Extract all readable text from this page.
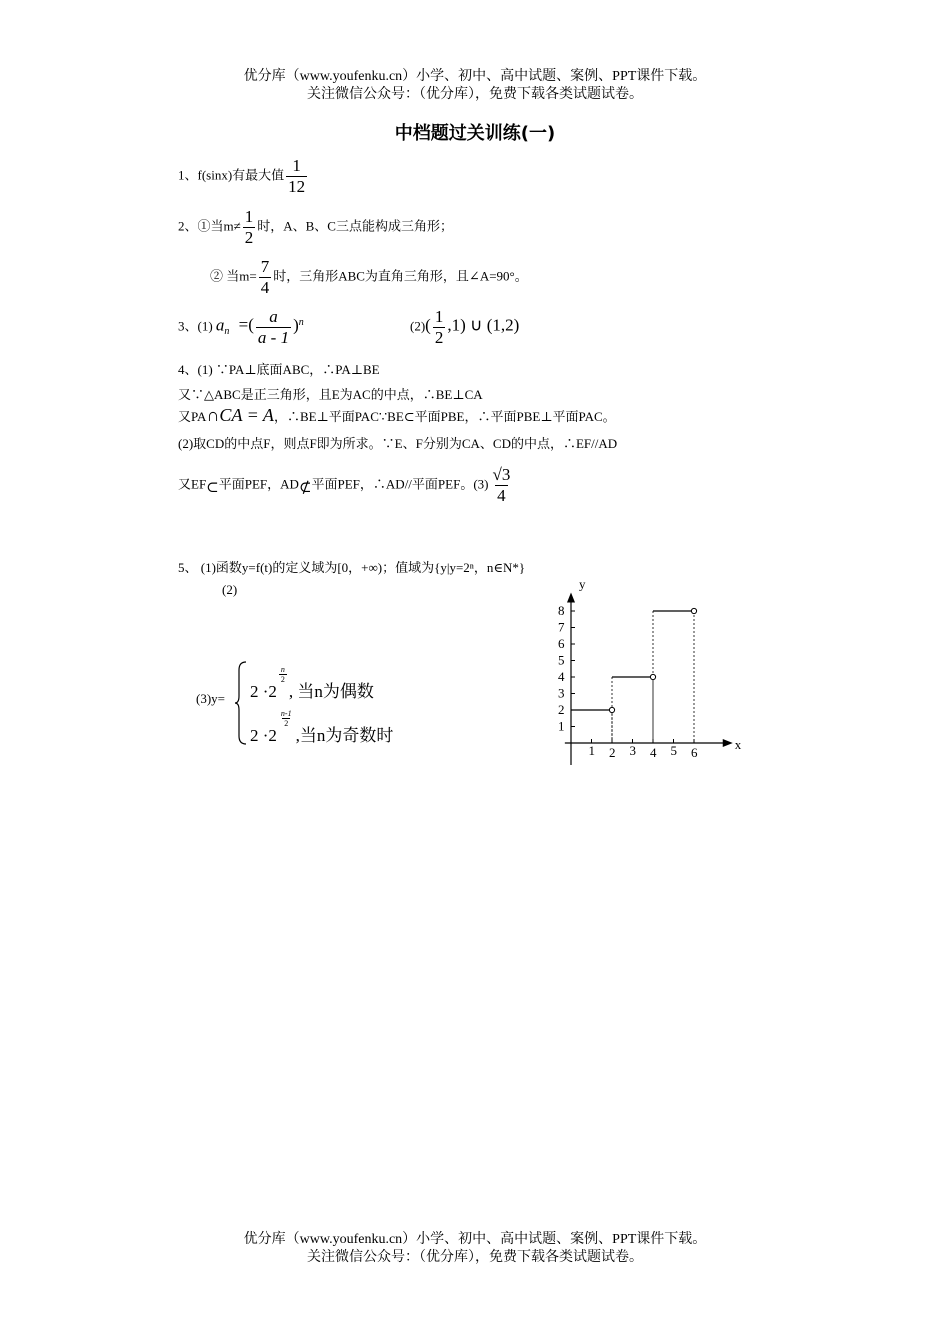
优分库（www.youfenku.cn）小学、初中、高中试题、案例、PPT课件下载。
关注微信公众号：（优分库），免费下载各类试题试卷。
中档题过关训练(一)
1、f(sinx)有最大值 $\frac{1}{12}$
2、①当$m\ne \frac{1}{2}$ 时，A、B、C三点能构成三角形；
② 当$m= \frac{7}{4}$ 时，三角形ABC为直角三角形，且∠A=90°。
3、(1) $a_n$ =( $\frac{a}{a - 1} )^n$	$(2)( \frac{1}{2} ,1)$ ∪ (1,2)
4、(1) ∵PA⊥底面ABC，∴PA⊥BE
又∵△ABC是正三角形，且E为AC的中点，∴BE⊥CA
又PA∩CA = A，∴BE⊥平面PAC∵BE⊂平面PBE，∴平面PBE⊥平面PAC。
(2)取CD的中点F，则点F即为所求。∵E、F分别为CA、CD的中点，∴EF//AD
又$EF_\subset$平面PEF，$AD_⊄$平面PEF，∴AD//平面PEF。$(3) \frac{√3}{4}$
5、 (1)函数y=f(t)的定义域为[0，+∞)；值域为{y|y=2ⁿ，n∈N*}
(2)
(3)y= 2 ·2
$\frac{n}{2}$
, 当n为偶数
2 ·2
$\frac{n-1}{2}$
,当n为奇数时	x
y
1 2 3 4 5 6
1
2
3
4
5
6
7
8
优分库（www.youfenku.cn）小学、初中、高中试题、案例、PPT课件下载。
关注微信公众号：（优分库），免费下载各类试题试卷。
